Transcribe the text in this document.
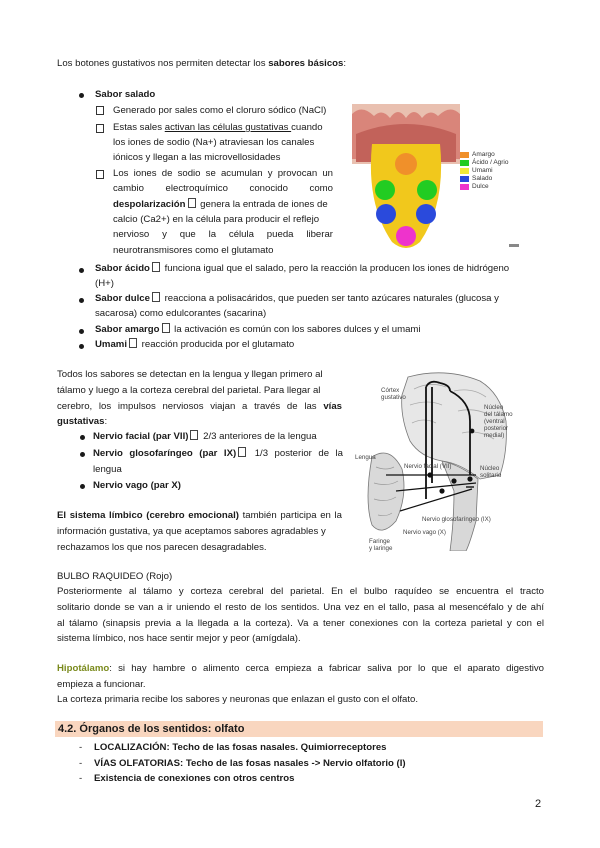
Los botones gustativos nos permiten detectar los sabores básicos:
Sabor salado
Generado por sales como el cloruro sódico (NaCl)
Estas sales activan las células gustativas cuando
los iones de sodio (Na+) atraviesan los canales
iónicos y llegan a las microvellosidades
Los iones de sodio se acumulan y provocan un
cambio electroquímico conocido como
despolarización genera la entrada de iones de
calcio (Ca2+) en la célula para producir el reflejo
nervioso y que la célula pueda liberar
neurotransmisores como el glutamato
Amargo
Ácido / Agrio
Umami
Salado
Dulce
Sabor ácido funciona igual que el salado, pero la reacción la producen los iones de hidrógeno
(H+)
Sabor dulce reacciona a polisacáridos, que pueden ser tanto azúcares naturales (glucosa y
sacarosa) como edulcorantes (sacarina)
Sabor amargo la activación es común con los sabores dulces y el umami
Umami reacción producida por el glutamato
Todos los sabores se detectan en la lengua y llegan primero al
tálamo y luego a la corteza cerebral del parietal. Para llegar al
cerebro, los impulsos nerviosos viajan a través de las vías
gustativas:
Nervio facial (par VII) 2/3 anteriores de la lengua
Nervio glosofaríngeo (par IX) 1/3 posterior de la
lengua
Nervio vago (par X)
El sistema límbico (cerebro emocional) también participa en la
información gustativa, ya que aceptamos sabores agradables y
rechazamos los que nos parecen desagradables.
Córtex
gustativo
Núcleo
del tálamo
(ventral
posterior
medial)
Lengua
Nervio facial (VII)	Núcleo
solitario
Nervio glosofaríngeo (IX)
Nervio vago (X)
Faringe
y laringe
BULBO RAQUIDEO (Rojo)
Posteriormente al tálamo y corteza cerebral del parietal. En el bulbo raquídeo se encuentra el tracto
solitario donde se van a ir uniendo el resto de los sentidos. Una vez en el tallo, pasa al mesencéfalo y de ahí
al tálamo (sinapsis previa a la llegada a la corteza). Va a tener conexiones con la corteza parietal y con el
sistema límbico, nos hace sentir mejor y peor (amígdala).
Hipotálamo: si hay hambre o alimento cerca empieza a fabricar saliva por lo que el aparato digestivo
empieza a funcionar.
La corteza primaria recibe los sabores y neuronas que enlazan el gusto con el olfato.
4.2. Órganos de los sentidos: olfato
- LOCALIZACIÓN: Techo de las fosas nasales. Quimiorreceptores
- VÍAS OLFATORIAS: Techo de las fosas nasales -> Nervio olfatorio (I)
- Existencia de conexiones con otros centros
2
